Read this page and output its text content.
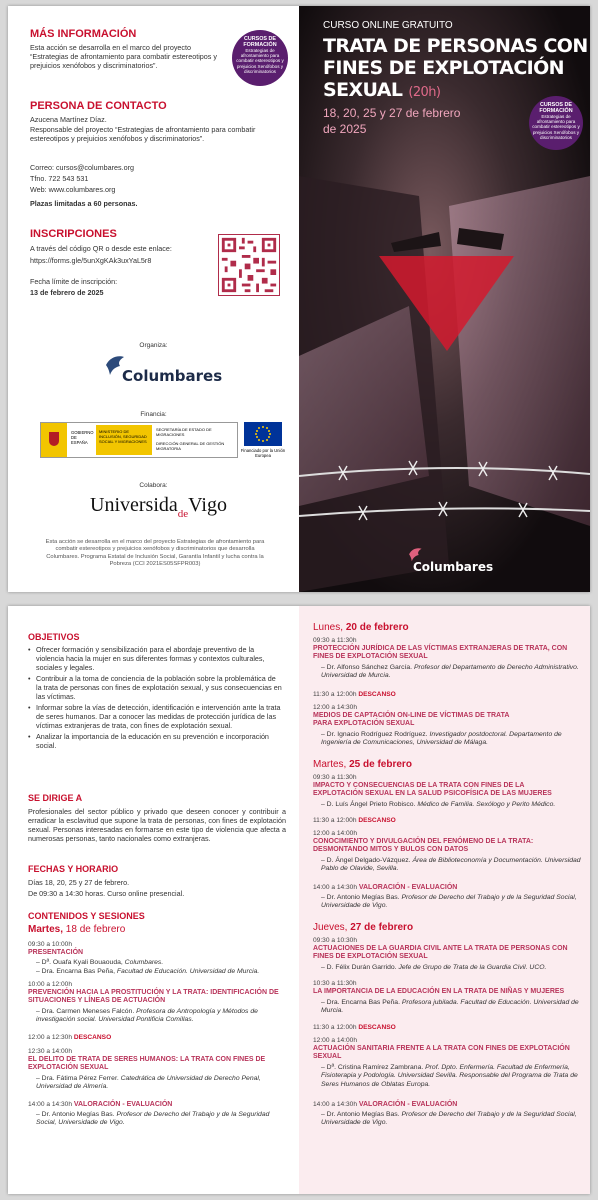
MÁS INFORMACIÓN
Esta acción se desarrolla en el marco del proyecto “Estrategias de afrontamiento para combatir estereotipos y prejuicios xenófobos y discriminatorios”.
CURSOS DE FORMACIÓN
Estrategias de afrontamiento para combatir estereotipos y prejuicios Xenófobos y discriminatorios
PERSONA DE CONTACTO
Azucena Martínez Díaz.
Responsable del proyecto “Estrategias de afrontamiento para combatir estereotipos y prejuicios xenófobos y discriminatorios”.
Correo: cursos@columbares.org
Tfno. 722 543 531
Web: www.columbares.org
Plazas limitadas a 60 personas.
INSCRIPCIONES
A través del código QR o desde este enlace:
https://forms.gle/5unXgKAk3uxYaL5r8
Fecha límite de inscripción:
13 de febrero de 2025
Organiza:
Columbares
Financia:
GOBIERNO DE ESPAÑA
MINISTERIO DE INCLUSIÓN, SEGURIDAD SOCIAL Y MIGRACIONES
SECRETARÍA DE ESTADO DE MIGRACIONES
DIRECCIÓN GENERAL DE GESTIÓN MIGRATORIA	Financiado por la Unión Europea
Colabora:
Universida$_{de}$Vigo
Esta acción se desarrolla en el marco del proyecto Estrategias de afrontamiento para combatir estereotipos y prejuicios xenófobos y discriminatorios que desarrolla Columbares. Programa Estatal de Inclusión Social, Garantía Infantil y lucha contra la Pobreza (CCI 2021ES05SFPR003)
CURSO ONLINE GRATUITO
TRATA DE PERSONAS CON
FINES DE EXPLOTACIÓN
SEXUAL (20h)
18, 20, 25 y 27 de febrero
de 2025
CURSOS DE FORMACIÓN
Estrategias de afrontamiento para combatir estereotipos y prejuicios Xenófobos y discriminatorios
Columbares
OBJETIVOS
• Ofrecer formación y sensibilización para el abordaje preventivo de la violencia hacia la mujer en sus diferentes formas y contextos culturales, sociales y legales.
• Contribuir a la toma de conciencia de la población sobre la problemática de la trata de personas con fines de explotación sexual, y sus consecuencias en las víctimas.
• Informar sobre la vías de detección, identificación e intervención ante la trata de seres humanos. Dar a conocer las medidas de protección jurídica de las víctimas extranjeras de trata, con fines de explotación sexual.
• Analizar la importancia de la educación en su prevención e incorporación social.
SE DIRIGE A
Profesionales del sector público y privado que deseen conocer y contribuir a erradicar la esclavitud que supone la trata de personas, con fines de explotación sexual. Personas interesadas en formarse en este tipo de violencia que afecta a numerosas personas, tanto nacionales como extranjeras.
FECHAS Y HORARIO
Días 18, 20, 25 y 27 de febrero.
De 09:30 a 14:30 horas. Curso online presencial.
CONTENIDOS Y SESIONES
Martes, 18 de febrero
09:30 a 10:00h
PRESENTACIÓN
– Dª. Ouafa Kyali Bouaouda, Columbares.
– Dra. Encarna Bas Peña, Facultad de Educación. Universidad de Murcia.
10:00 a 12:00h
PREVENCIÓN HACIA LA PROSTITUCIÓN Y LA TRATA: IDENTIFICACIÓN DE SITUACIONES Y LÍNEAS DE ACTUACIÓN
– Dra. Carmen Meneses Falcón. Profesora de Antropología y Métodos de investigación social. Universidad Pontificia Comillas.
12:00 a 12:30h DESCANSO
12:30 a 14:00h
EL DELITO DE TRATA DE SERES HUMANOS: LA TRATA CON FINES DE EXPLOTACIÓN SEXUAL
– Dra. Fátima Pérez Ferrer. Catedrática de Universidad de Derecho Penal, Universidad de Almería.
14:00 a 14:30h VALORACIÓN - EVALUACIÓN
– Dr. Antonio Megías Bas. Profesor de Derecho del Trabajo y de la Seguridad Social, Universidade de Vigo.
Lunes, 20 de febrero
09:30 a 11:30h
PROTECCIÓN JURÍDICA DE LAS VÍCTIMAS EXTRANJERAS DE TRATA, CON FINES DE EXPLOTACIÓN SEXUAL
– Dr. Alfonso Sánchez García. Profesor del Departamento de Derecho Administrativo. Universidad de Murcia.
11:30 a 12:00h DESCANSO
12:00 a 14:30h
MEDIOS DE CAPTACIÓN ON-LINE DE VÍCTIMAS DE TRATA PARA EXPLOTACIÓN SEXUAL
– Dr. Ignacio Rodríguez Rodríguez. Investigador postdoctoral. Departamento de Ingeniería de Comunicaciones, Universidad de Málaga.
Martes, 25 de febrero
09:30 a 11:30h
IMPACTO Y CONSECUENCIAS DE LA TRATA CON FINES DE LA EXPLOTACIÓN SEXUAL EN LA SALUD PSICOFÍSICA DE LAS MUJERES
– D. Luís Ángel Prieto Robisco. Médico de Familia. Sexólogo y Perito Médico.
11:30 a 12:00h DESCANSO
12:00 a 14:00h
CONOCIMIENTO Y DIVULGACIÓN DEL FENÓMENO DE LA TRATA: DESMONTANDO MITOS Y BULOS CON DATOS
– D. Ángel Delgado-Vázquez. Área de Biblioteconomía y Documentación. Universidad Pablo de Olavide, Sevilla.
14:00 a 14:30h VALORACIÓN - EVALUACIÓN
– Dr. Antonio Megías Bas. Profesor de Derecho del Trabajo y de la Seguridad Social, Universidade de Vigo.
Jueves, 27 de febrero
09:30 a 10:30h
ACTUACIONES DE LA GUARDIA CIVIL ANTE LA TRATA DE PERSONAS CON FINES DE EXPLOTACIÓN SEXUAL
– D. Félix Durán Garrido. Jefe de Grupo de Trata de la Guardia Civil. UCO.
10:30 a 11:30h
LA IMPORTANCIA DE LA EDUCACIÓN EN LA TRATA DE NIÑAS Y MUJERES
– Dra. Encarna Bas Peña. Profesora jubilada. Facultad de Educación. Universidad de Murcia.
11:30 a 12:00h DESCANSO
12:00 a 14:00h
ACTUACIÓN SANITARIA FRENTE A LA TRATA CON FINES DE EXPLOTACIÓN SEXUAL
– Dª. Cristina Ramírez Zambrana. Prof. Dpto. Enfermería. Facultad de Enfermería, Fisioterapia y Podología. Universidad Sevilla. Responsable del Programa de Trata de Seres Humanos de Oblatas Europa.
14:00 a 14:30h VALORACIÓN - EVALUACIÓN
– Dr. Antonio Megías Bas. Profesor de Derecho del Trabajo y de la Seguridad Social, Universidade de Vigo.
